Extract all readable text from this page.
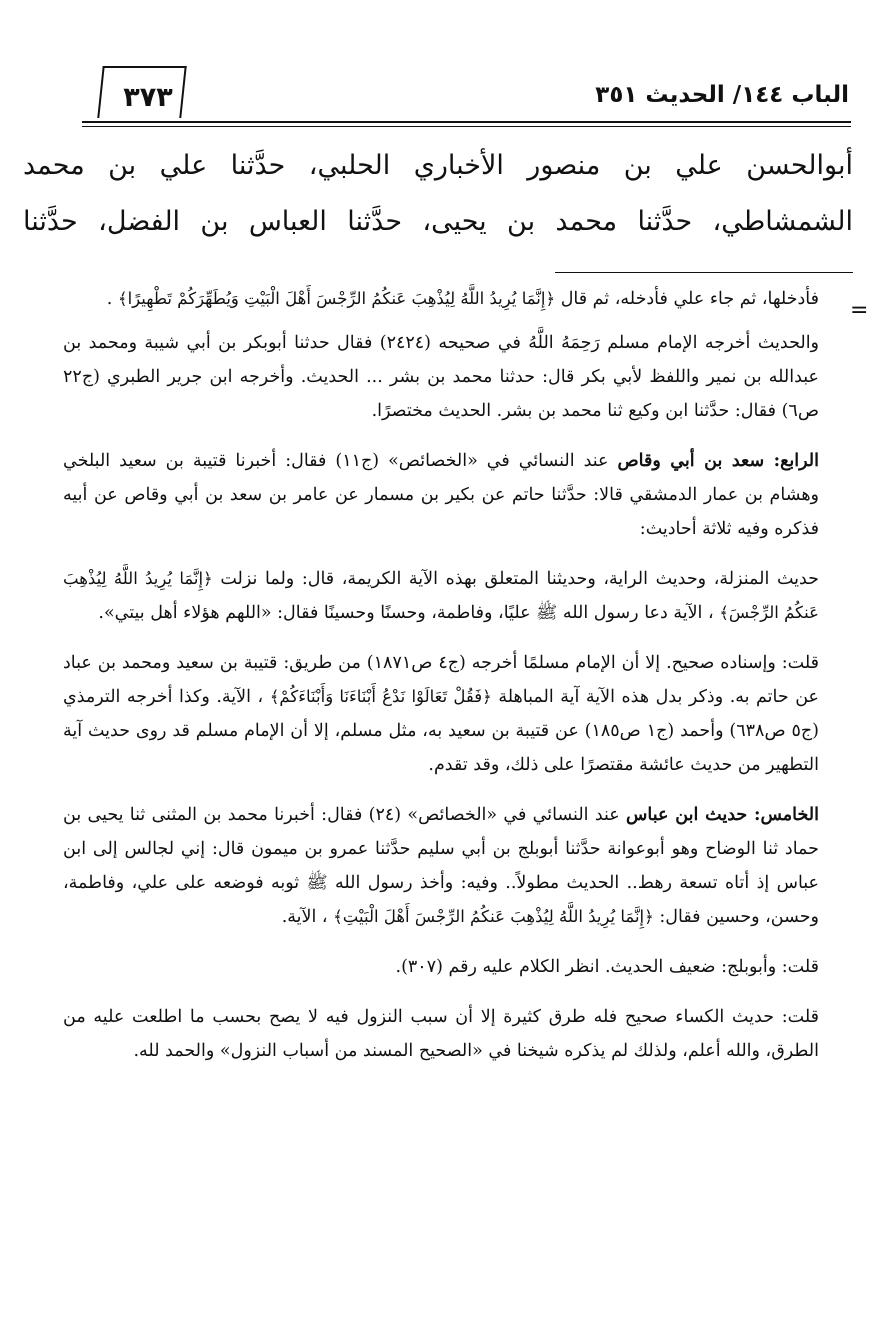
٣٧٣	الباب ١٤٤/ الحديث ٣٥١
أبوالحسن علي بن منصور الأخباري الحلبي، حدَّثنا علي بن محمد
الشمشاطي، حدَّثنا محمد بن يحيى، حدَّثنا العباس بن الفضل، حدَّثنا
=

فأدخلها، ثم جاء علي فأدخله، ثم قال ﴿إِنَّمَا يُرِيدُ اللَّهُ لِيُذْهِبَ عَنكُمُ الرِّجْسَ أَهْلَ الْبَيْتِ وَيُطَهِّرَكُمْ تَطْهِيرًا﴾ .

والحديث أخرجه الإمام مسلم رَحِمَهُ اللَّهُ في صحيحه (٢٤٢٤) فقال حدثنا أبوبكر بن أبي شيبة ومحمد بن عبدالله بن نمير واللفظ لأبي بكر قال: حدثنا محمد بن بشر ... الحديث. وأخرجه ابن جرير الطبري (ج٢٢ ص٦) فقال: حدَّثنا ابن وكيع ثنا محمد بن بشر. الحديث مختصرًا.

الرابع: سعد بن أبي وقاص عند النسائي في «الخصائص» (ج١١) فقال: أخبرنا قتيبة بن سعيد البلخي وهشام بن عمار الدمشقي قالا: حدَّثنا حاتم عن بكير بن مسمار عن عامر بن سعد بن أبي وقاص عن أبيه فذكره وفيه ثلاثة أحاديث:

حديث المنزلة، وحديث الراية، وحديثنا المتعلق بهذه الآية الكريمة، قال: ولما نزلت ﴿إِنَّمَا يُرِيدُ اللَّهُ لِيُذْهِبَ عَنكُمُ الرِّجْسَ﴾ ، الآية دعا رسول الله ﷺ عليًا، وفاطمة، وحسنًا وحسينًا فقال: «اللهم هؤلاء أهل بيتي».

قلت: وإسناده صحيح. إلا أن الإمام مسلمًا أخرجه (ج٤ ص١٨٧١) من طريق: قتيبة بن سعيد ومحمد بن عباد عن حاتم به. وذكر بدل هذه الآية آية المباهلة ﴿فَقُلْ تَعَالَوْا نَدْعُ أَبْنَاءَنَا وَأَبْنَاءَكُمْ﴾ ، الآية. وكذا أخرجه الترمذي (ج٥ ص٦٣٨) وأحمد (ج١ ص١٨٥) عن قتيبة بن سعيد به، مثل مسلم، إلا أن الإمام مسلم قد روى حديث آية التطهير من حديث عائشة مقتصرًا على ذلك، وقد تقدم.

الخامس: حديث ابن عباس عند النسائي في «الخصائص» (٢٤) فقال: أخبرنا محمد بن المثنى ثنا يحيى بن حماد ثنا الوضاح وهو أبوعوانة حدَّثنا أبوبلج بن أبي سليم حدَّثنا عمرو بن ميمون قال: إني لجالس إلى ابن عباس إذ أتاه تسعة رهط.. الحديث مطولاً.. وفيه: وأخذ رسول الله ﷺ ثوبه فوضعه على علي، وفاطمة، وحسن، وحسين فقال: ﴿إِنَّمَا يُرِيدُ اللَّهُ لِيُذْهِبَ عَنكُمُ الرِّجْسَ أَهْلَ الْبَيْتِ﴾ ، الآية.

قلت: وأبوبلج: ضعيف الحديث. انظر الكلام عليه رقم (٣٠٧).

قلت: حديث الكساء صحيح فله طرق كثيرة إلا أن سبب النزول فيه لا يصح بحسب ما اطلعت عليه من الطرق، والله أعلم، ولذلك لم يذكره شيخنا في «الصحيح المسند من أسباب النزول» والحمد لله.
